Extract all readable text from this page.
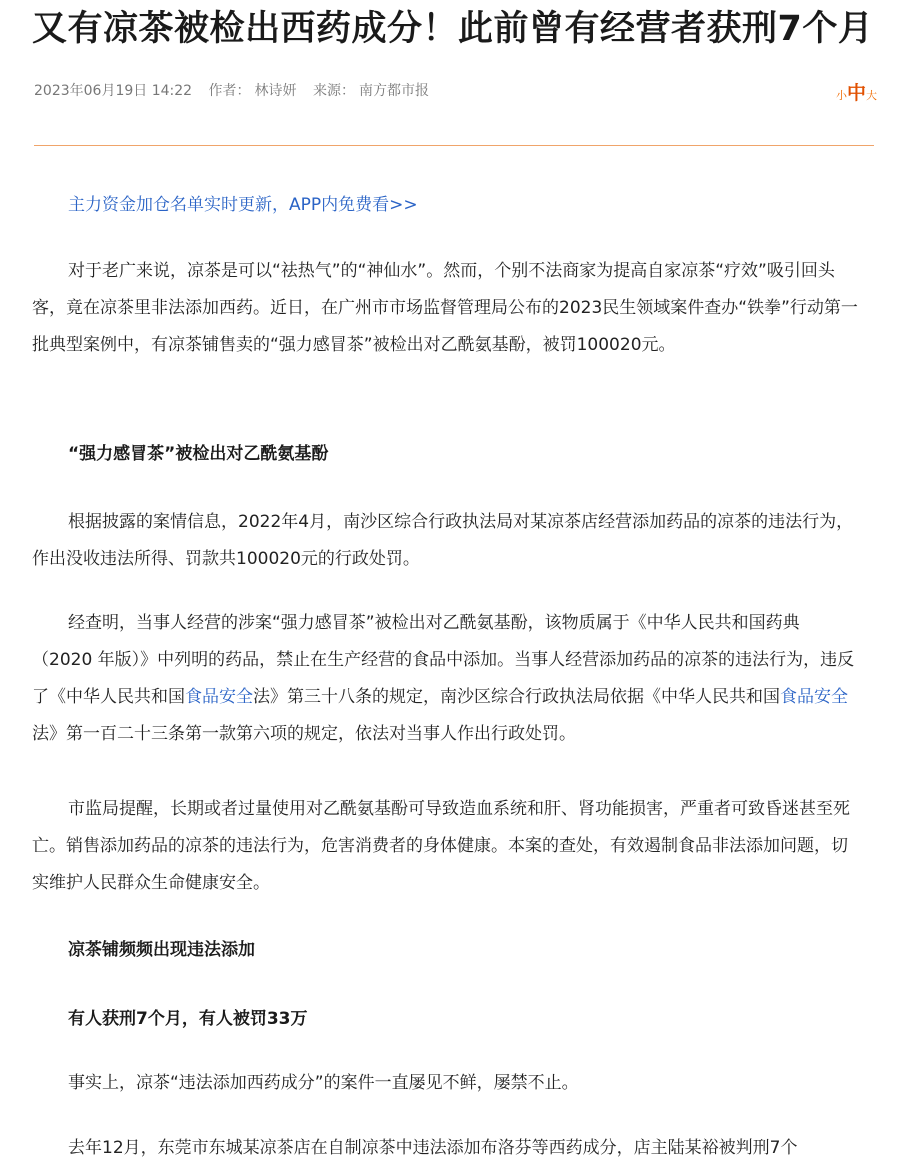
又有凉茶被检出西药成分！此前曾有经营者获刑7个月
2023年06月19日 14:22 作者： 林诗妍 来源： 南方都市报	小中大
主力资金加仓名单实时更新，APP内免费看>>

对于老广来说，凉茶是可以“祛热气”的“神仙水”。然而，个别不法商家为提高自家凉茶“疗效”吸引回头客，竟在凉茶里非法添加西药。近日，在广州市市场监督管理局公布的2023民生领域案件查办“铁拳”行动第一批典型案例中，有凉茶铺售卖的“强力感冒茶”被检出对乙酰氨基酚，被罚100020元。

“强力感冒茶”被检出对乙酰氨基酚

根据披露的案情信息，2022年4月，南沙区综合行政执法局对某凉茶店经营添加药品的凉茶的违法行为，作出没收违法所得、罚款共100020元的行政处罚。

经查明，当事人经营的涉案“强力感冒茶”被检出对乙酰氨基酚，该物质属于《中华人民共和国药典（2020 年版）》中列明的药品，禁止在生产经营的食品中添加。当事人经营添加药品的凉茶的违法行为，违反了《中华人民共和国食品安全法》第三十八条的规定，南沙区综合行政执法局依据《中华人民共和国食品安全法》第一百二十三条第一款第六项的规定，依法对当事人作出行政处罚。

市监局提醒，长期或者过量使用对乙酰氨基酚可导致造血系统和肝、肾功能损害，严重者可致昏迷甚至死亡。销售添加药品的凉茶的违法行为，危害消费者的身体健康。本案的查处，有效遏制食品非法添加问题，切实维护人民群众生命健康安全。

凉茶铺频频出现违法添加
有人获刑7个月，有人被罚33万

事实上，凉茶“违法添加西药成分”的案件一直屡见不鲜，屡禁不止。

去年12月，东莞市东城某凉茶店在自制凉茶中违法添加布洛芬等西药成分，店主陆某裕被判刑7个
